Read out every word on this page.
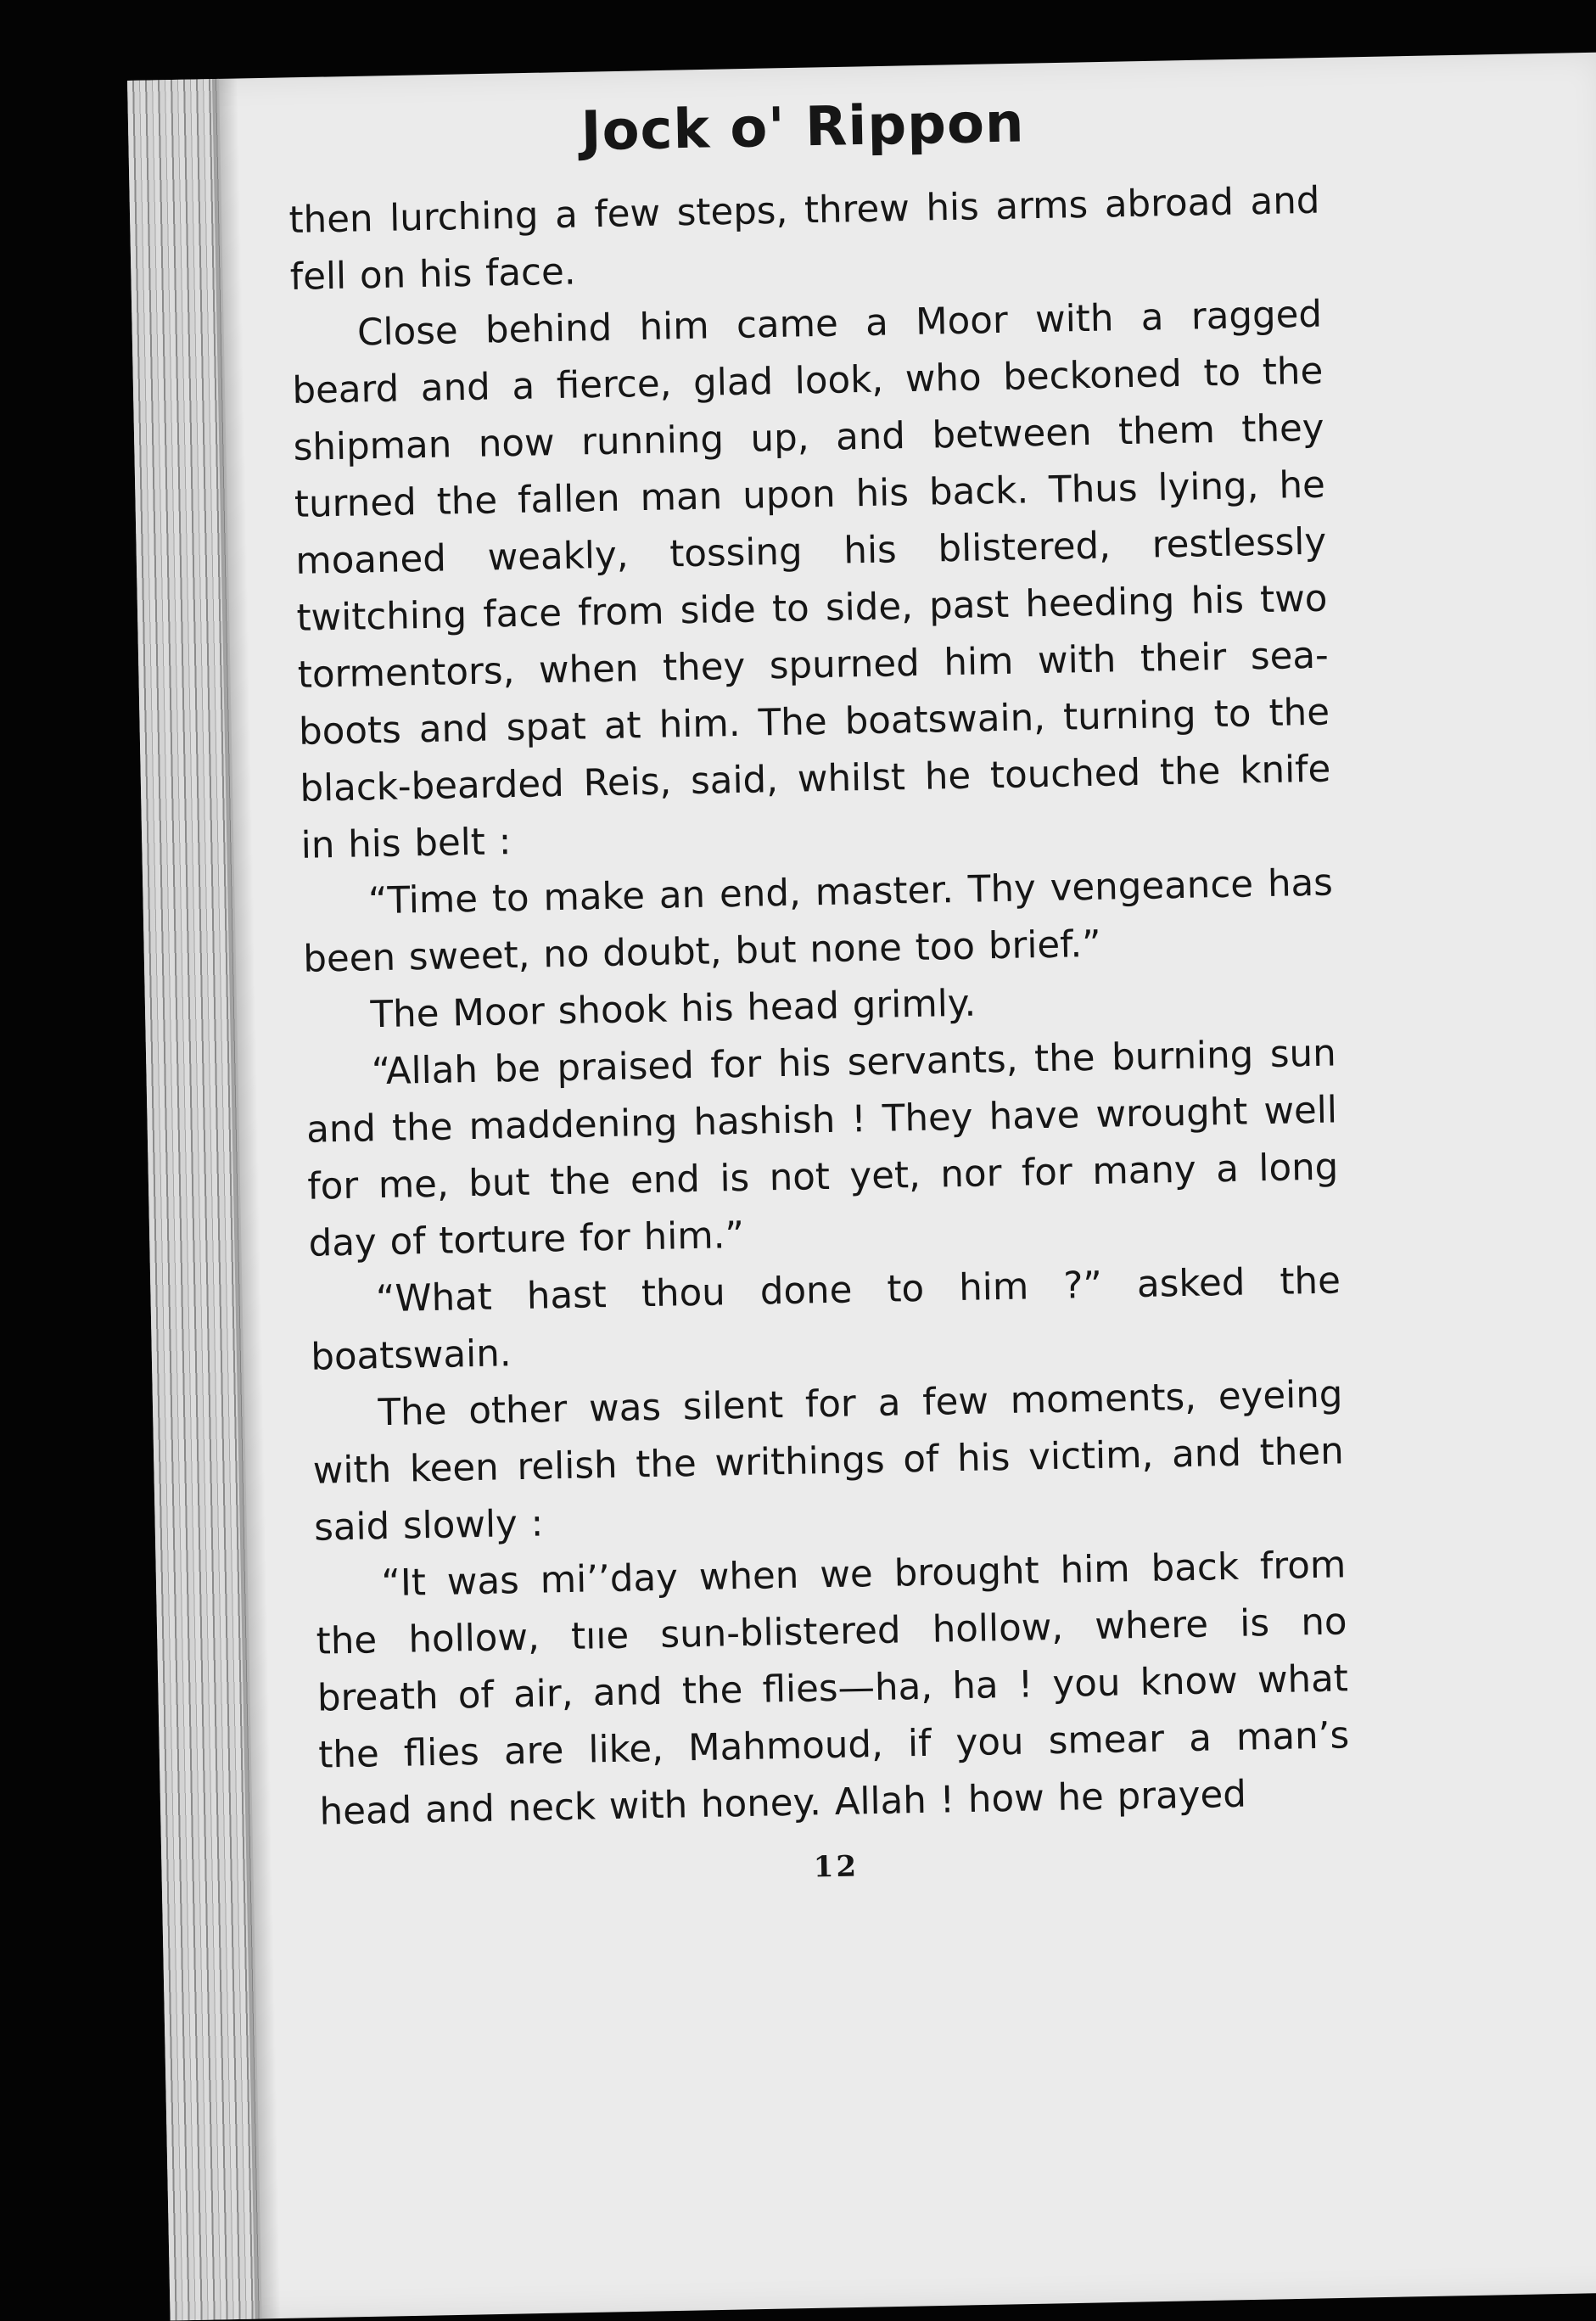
Jock o' Rippon

then lurching a few steps, threw his arms abroad and fell on his face.

Close behind him came a Moor with a ragged beard and a fierce, glad look, who beckoned to the shipman now running up, and between them they turned the fallen man upon his back. Thus lying, he moaned weakly, tossing his blistered, restlessly twitching face from side to side, past heeding his two tormentors, when they spurned him with their sea-boots and spat at him. The boatswain, turning to the black-bearded Reis, said, whilst he touched the knife in his belt :

“Time to make an end, master. Thy vengeance has been sweet, no doubt, but none too brief.”

The Moor shook his head grimly.

“Allah be praised for his servants, the burning sun and the maddening hashish ! They have wrought well for me, but the end is not yet, nor for many a long day of torture for him.”

“What hast thou done to him ?” asked the boatswain.

The other was silent for a few moments, eyeing with keen relish the writhings of his victim, and then said slowly :

“It was miʼʼday when we brought him back from the hollow, tııe sun-blistered hollow, where is no breath of air, and the flies—ha, ha ! you know what the flies are like, Mahmoud, if you smear a man’s head and neck with honey. Allah ! how he prayed

12
